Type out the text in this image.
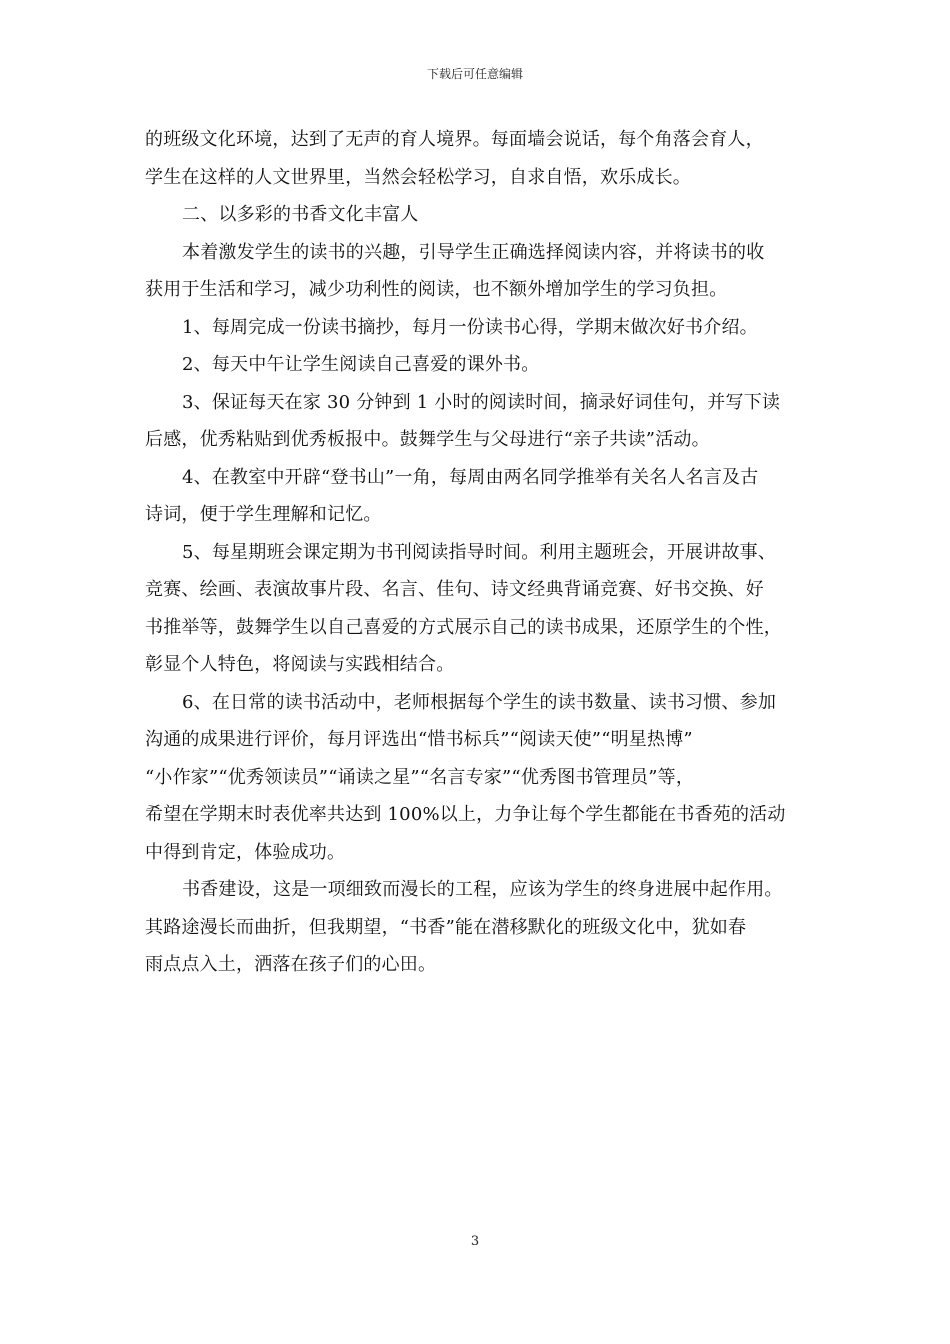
下载后可任意编辑

的班级文化环境，达到了无声的育人境界。每面墙会说话，每个角落会育人，

学生在这样的人文世界里，当然会轻松学习，自求自悟，欢乐成长。

二、以多彩的书香文化丰富人

本着激发学生的读书的兴趣，引导学生正确选择阅读内容，并将读书的收

获用于生活和学习，减少功利性的阅读，也不额外增加学生的学习负担。

1、每周完成一份读书摘抄，每月一份读书心得，学期末做次好书介绍。

2、每天中午让学生阅读自己喜爱的课外书。

3、保证每天在家 30 分钟到 1 小时的阅读时间，摘录好词佳句，并写下读

后感，优秀粘贴到优秀板报中。鼓舞学生与父母进行“亲子共读”活动。

4、在教室中开辟“登书山”一角，每周由两名同学推举有关名人名言及古

诗词，便于学生理解和记忆。

5、每星期班会课定期为书刊阅读指导时间。利用主题班会，开展讲故事、

竞赛、绘画、表演故事片段、名言、佳句、诗文经典背诵竞赛、好书交换、好

书推举等，鼓舞学生以自己喜爱的方式展示自己的读书成果，还原学生的个性，

彰显个人特色，将阅读与实践相结合。

6、在日常的读书活动中，老师根据每个学生的读书数量、读书习惯、参加

沟通的成果进行评价，每月评选出“惜书标兵”“阅读天使”“明星热博”

“小作家”“优秀领读员”“诵读之星”“名言专家”“优秀图书管理员”等，

希望在学期末时表优率共达到 100%以上，力争让每个学生都能在书香苑的活动

中得到肯定，体验成功。

书香建设，这是一项细致而漫长的工程，应该为学生的终身进展中起作用。

其路途漫长而曲折，但我期望，“书香”能在潜移默化的班级文化中，犹如春

雨点点入土，洒落在孩子们的心田。

3
